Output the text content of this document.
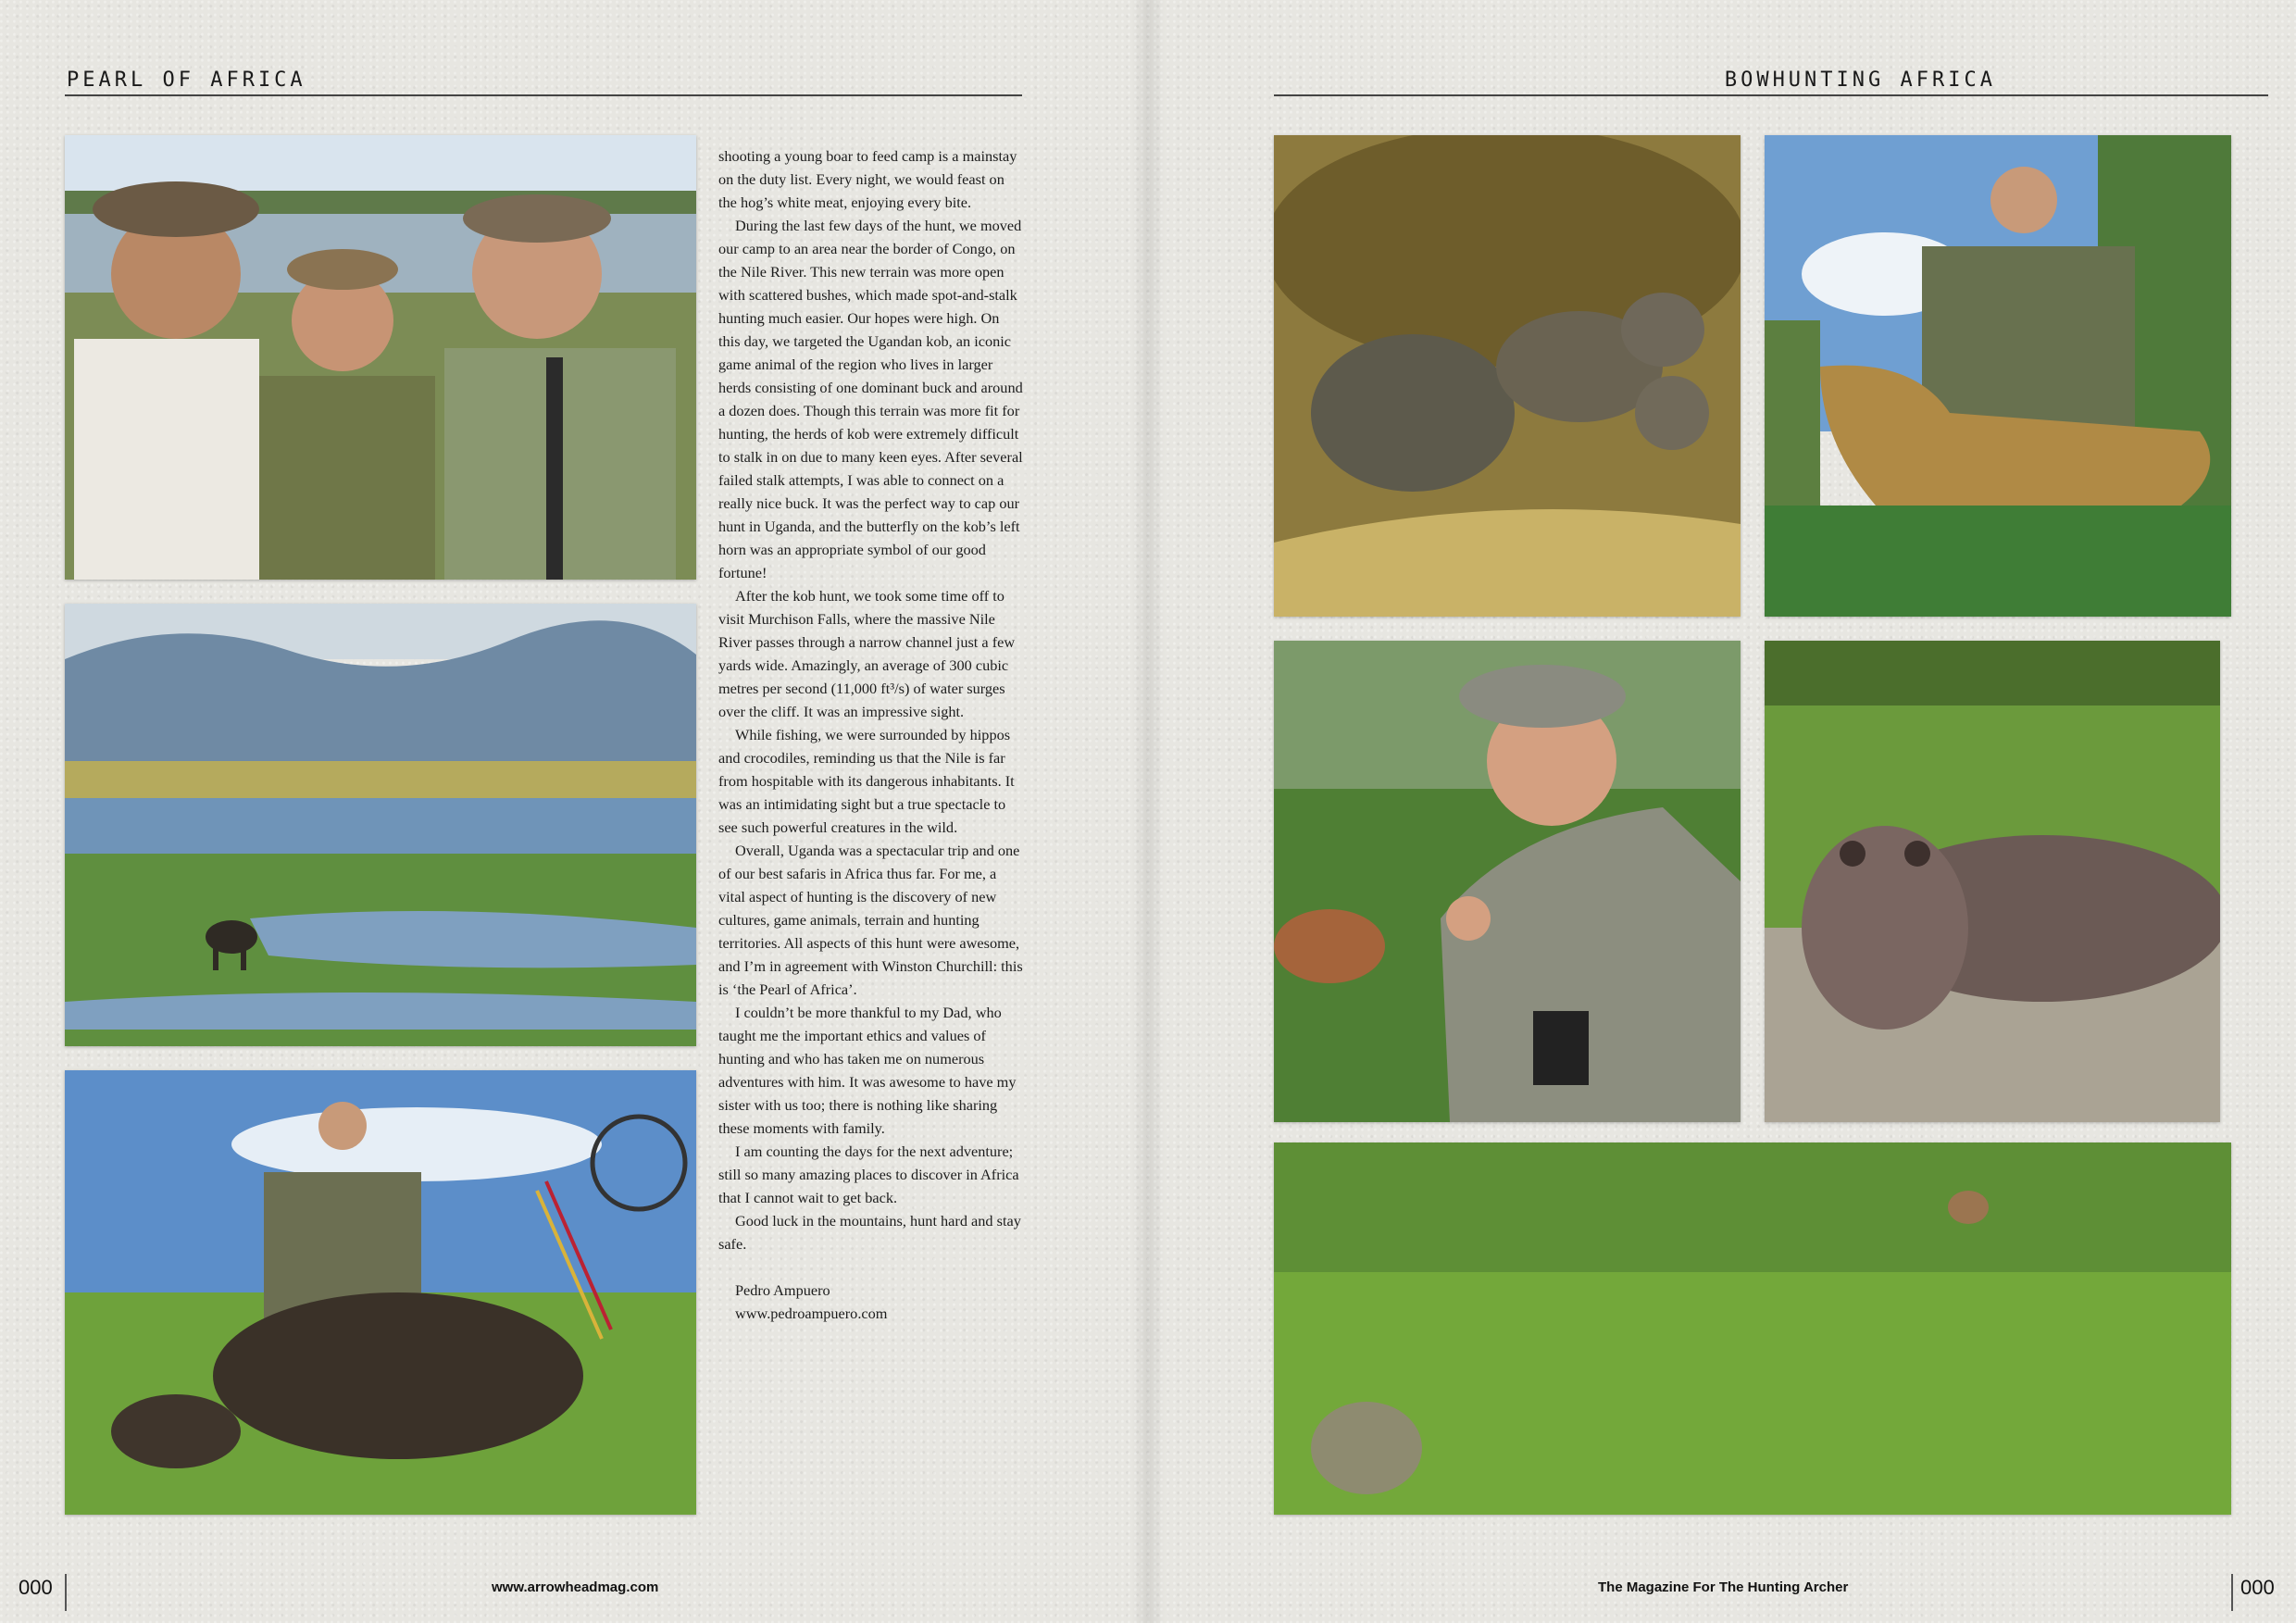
PEARL OF AFRICA

shooting a young boar to feed camp is a mainstay on the duty list. Every night, we would feast on the hog’s white meat, enjoying every bite.

During the last few days of the hunt, we moved our camp to an area near the border of Congo, on the Nile River. This new terrain was more open with scattered bushes, which made spot-and-stalk hunting much easier. Our hopes were high. On this day, we targeted the Ugandan kob, an iconic game animal of the region who lives in larger herds consisting of one dominant buck and around a dozen does. Though this terrain was more fit for hunting, the herds of kob were extremely difficult to stalk in on due to many keen eyes. After several failed stalk attempts, I was able to connect on a really nice buck. It was the perfect way to cap our hunt in Uganda, and the butterfly on the kob’s left horn was an appropriate symbol of our good fortune!

After the kob hunt, we took some time off to visit Murchison Falls, where the massive Nile River passes through a narrow channel just a few yards wide. Amazingly, an average of 300 cubic metres per second (11,000 ft³/s) of water surges over the cliff. It was an impressive sight.

While fishing, we were surrounded by hippos and crocodiles, reminding us that the Nile is far from hospitable with its dangerous inhabitants. It was an intimidating sight but a true spectacle to see such powerful creatures in the wild.

Overall, Uganda was a spectacular trip and one of our best safaris in Africa thus far. For me, a vital aspect of hunting is the discovery of new cultures, game animals, terrain and hunting territories. All aspects of this hunt were awesome, and I’m in agreement with Winston Churchill: this is ‘the Pearl of Africa’.

I couldn’t be more thankful to my Dad, who taught me the important ethics and values of hunting and who has taken me on numerous adventures with him. It was awesome to have my sister with us too; there is nothing like sharing these moments with family.

I am counting the days for the next adventure; still so many amazing places to discover in Africa that I cannot wait to get back.

Good luck in the mountains, hunt hard and stay safe.

Pedro Ampuero
www.pedroampuero.com
000	www.arrowheadmag.com
BOWHUNTING AFRICA
The Magazine For The Hunting Archer	000
